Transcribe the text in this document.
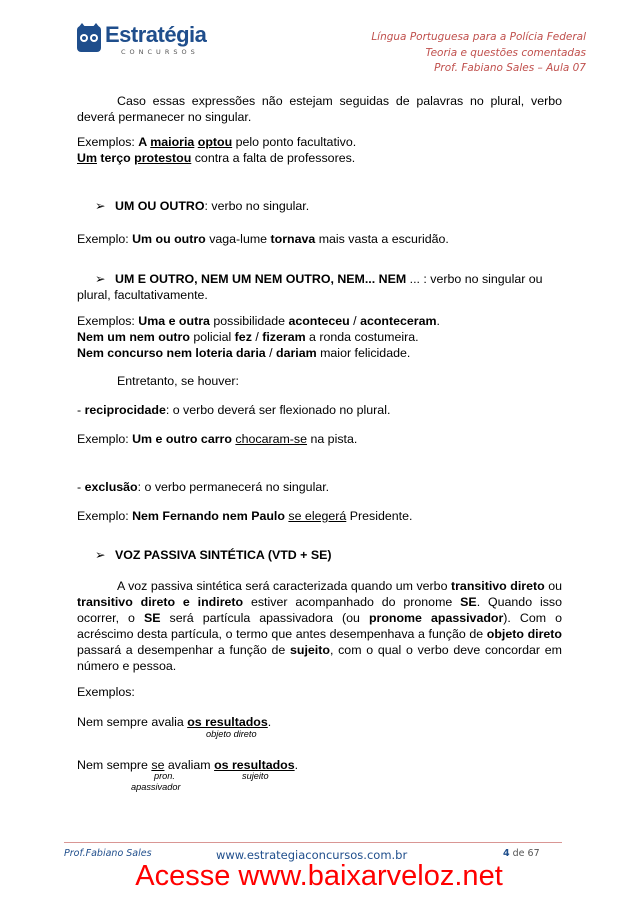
Estratégia
CONCURSOS
Língua Portuguesa para a Polícia Federal
Teoria e questões comentadas
Prof. Fabiano Sales – Aula 07
Caso essas expressões não estejam seguidas de palavras no plural, verbo deverá permanecer no singular.
Exemplos: A maioria optou pelo ponto facultativo.
Um terço protestou contra a falta de professores.
➢ UM OU OUTRO: verbo no singular.
Exemplo: Um ou outro vaga-lume tornava mais vasta a escuridão.
➢ UM E OUTRO, NEM UM NEM OUTRO, NEM... NEM ... : verbo no singular ou
plural, facultativamente.
Exemplos: Uma e outra possibilidade aconteceu / aconteceram.
Nem um nem outro policial fez / fizeram a ronda costumeira.
Nem concurso nem loteria daria / dariam maior felicidade.
Entretanto, se houver:
- reciprocidade: o verbo deverá ser flexionado no plural.
Exemplo: Um e outro carro chocaram-se na pista.
- exclusão: o verbo permanecerá no singular.
Exemplo: Nem Fernando nem Paulo se elegerá Presidente.
➢ VOZ PASSIVA SINTÉTICA (VTD + SE)
A voz passiva sintética será caracterizada quando um verbo transitivo direto ou transitivo direto e indireto estiver acompanhado do pronome SE. Quando isso ocorrer, o SE será partícula apassivadora (ou pronome apassivador). Com o acréscimo desta partícula, o termo que antes desempenhava a função de objeto direto passará a desempenhar a função de sujeito, com o qual o verbo deve concordar em número e pessoa.
Exemplos:
Nem sempre avalia os resultados.
objeto direto
Nem sempre se avaliam os resultados.
pron.
apassivador
sujeito
Prof.Fabiano Sales	www.estrategiaconcursos.com.br	4 de 67
Acesse www.baixarveloz.net
